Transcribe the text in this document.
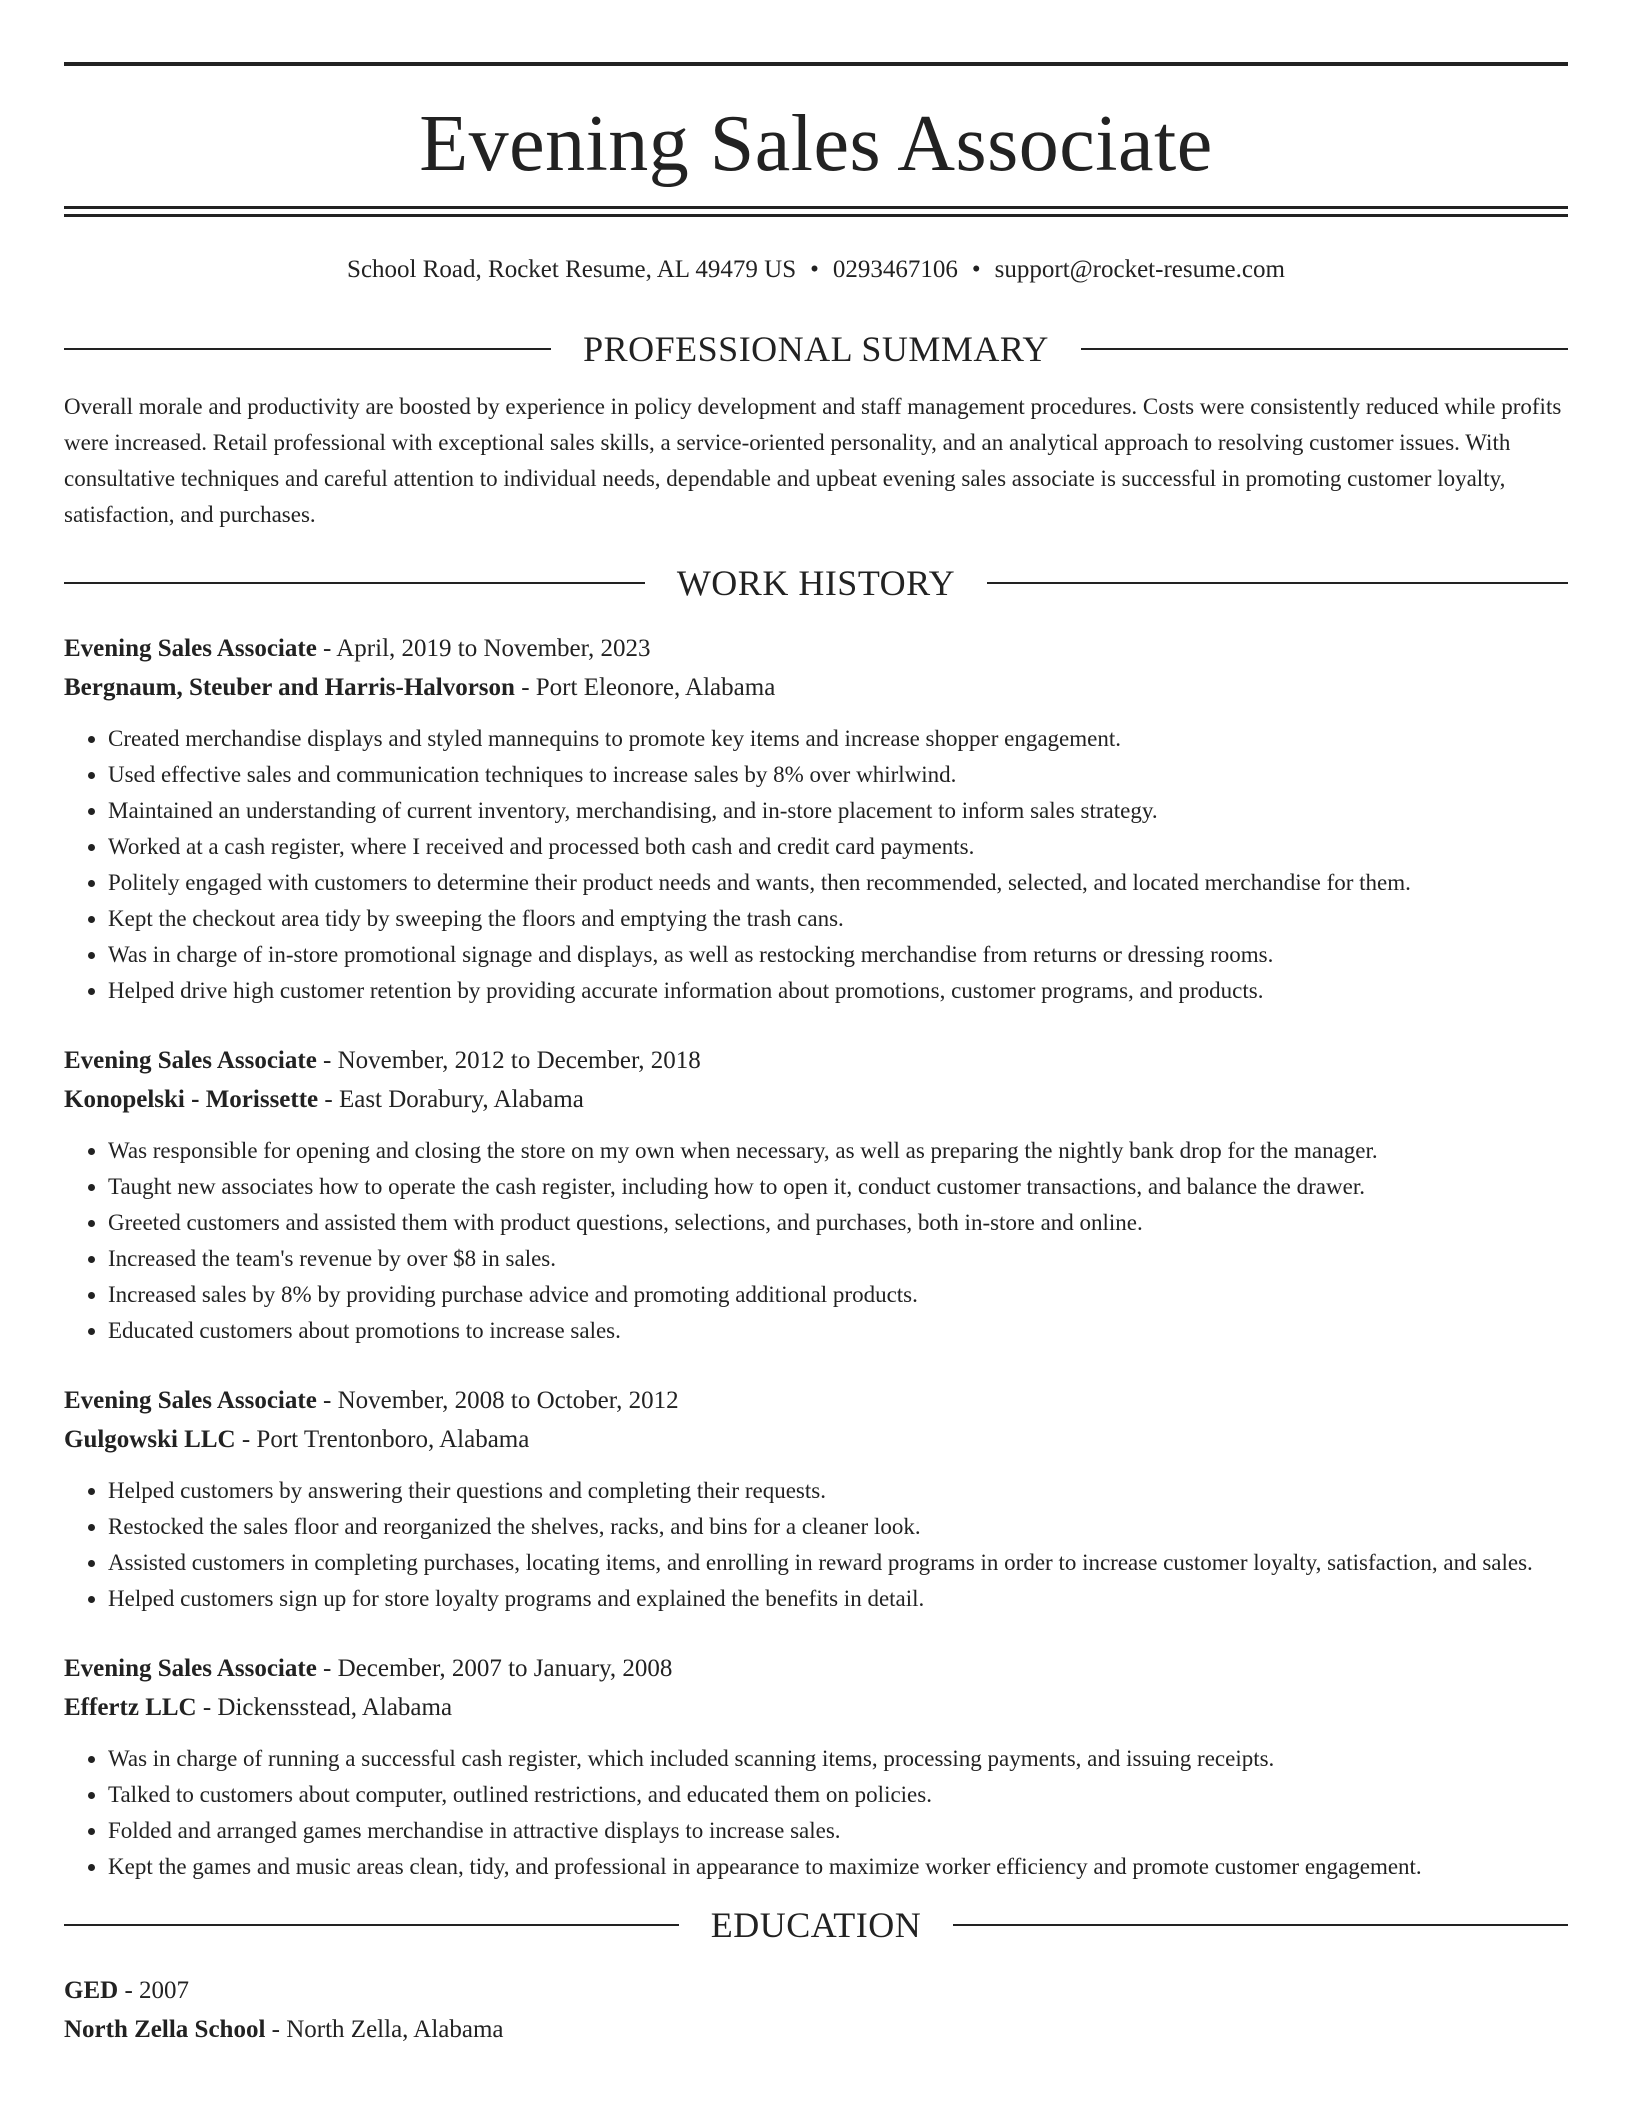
Evening Sales Associate
School Road, Rocket Resume, AL 49479 US • 0293467106 • support@rocket-resume.com
PROFESSIONAL SUMMARY

Overall morale and productivity are boosted by experience in policy development and staff management procedures. Costs were consistently reduced while profits were increased. Retail professional with exceptional sales skills, a service-oriented personality, and an analytical approach to resolving customer issues. With consultative techniques and careful attention to individual needs, dependable and upbeat evening sales associate is successful in promoting customer loyalty, satisfaction, and purchases.

WORK HISTORY
Evening Sales Associate - April, 2019 to November, 2023
Bergnaum, Steuber and Harris-Halvorson - Port Eleonore, Alabama
• Created merchandise displays and styled mannequins to promote key items and increase shopper engagement.
• Used effective sales and communication techniques to increase sales by 8% over whirlwind.
• Maintained an understanding of current inventory, merchandising, and in-store placement to inform sales strategy.
• Worked at a cash register, where I received and processed both cash and credit card payments.
• Politely engaged with customers to determine their product needs and wants, then recommended, selected, and located merchandise for them.
• Kept the checkout area tidy by sweeping the floors and emptying the trash cans.
• Was in charge of in-store promotional signage and displays, as well as restocking merchandise from returns or dressing rooms.
• Helped drive high customer retention by providing accurate information about promotions, customer programs, and products.
Evening Sales Associate - November, 2012 to December, 2018
Konopelski - Morissette - East Dorabury, Alabama
• Was responsible for opening and closing the store on my own when necessary, as well as preparing the nightly bank drop for the manager.
• Taught new associates how to operate the cash register, including how to open it, conduct customer transactions, and balance the drawer.
• Greeted customers and assisted them with product questions, selections, and purchases, both in-store and online.
• Increased the team's revenue by over $8 in sales.
• Increased sales by 8% by providing purchase advice and promoting additional products.
• Educated customers about promotions to increase sales.
Evening Sales Associate - November, 2008 to October, 2012
Gulgowski LLC - Port Trentonboro, Alabama
• Helped customers by answering their questions and completing their requests.
• Restocked the sales floor and reorganized the shelves, racks, and bins for a cleaner look.
• Assisted customers in completing purchases, locating items, and enrolling in reward programs in order to increase customer loyalty, satisfaction, and sales.
• Helped customers sign up for store loyalty programs and explained the benefits in detail.
Evening Sales Associate - December, 2007 to January, 2008
Effertz LLC - Dickensstead, Alabama
• Was in charge of running a successful cash register, which included scanning items, processing payments, and issuing receipts.
• Talked to customers about computer, outlined restrictions, and educated them on policies.
• Folded and arranged games merchandise in attractive displays to increase sales.
• Kept the games and music areas clean, tidy, and professional in appearance to maximize worker efficiency and promote customer engagement.
EDUCATION
GED - 2007
North Zella School - North Zella, Alabama
